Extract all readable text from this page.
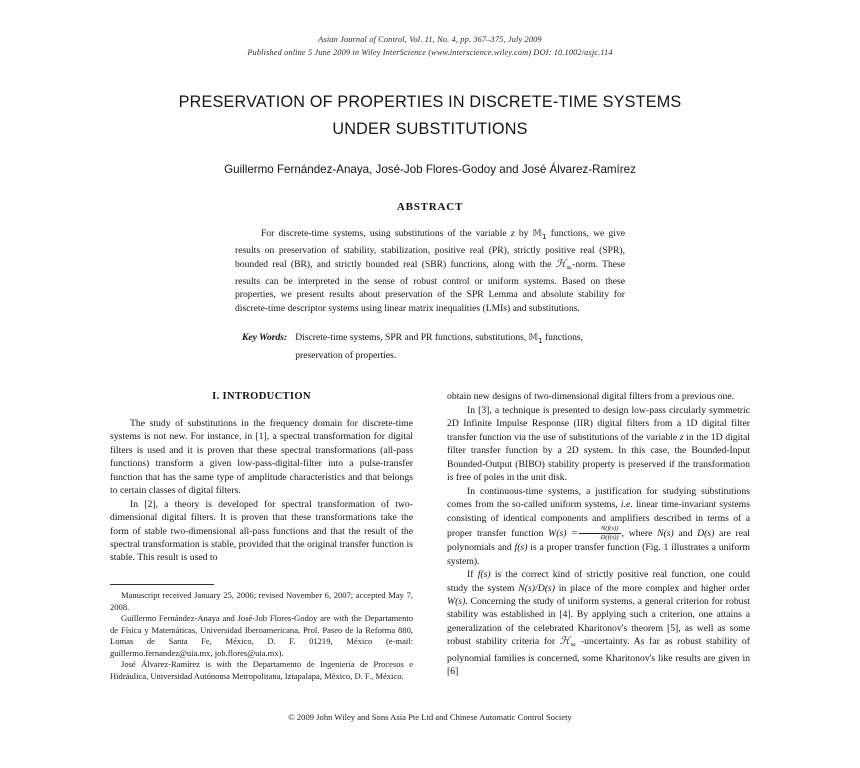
Asian Journal of Control, Vol. 11, No. 4, pp. 367–375, July 2009
Published online 5 June 2009 in Wiley InterScience (www.interscience.wiley.com) DOI: 10.1002/asjc.114
PRESERVATION OF PROPERTIES IN DISCRETE-TIME SYSTEMS
UNDER SUBSTITUTIONS
Guillermo Fernández-Anaya, José-Job Flores-Godoy and José Álvarez-Ramírez
ABSTRACT

For discrete-time systems, using substitutions of the variable z by 𝕄$_1$ functions, we give results on preservation of stability, stabilization, positive real (PR), strictly positive real (SPR), bounded real (BR), and strictly bounded real (SBR) functions, along with the ℋ$_\infty$-norm. These results can be interpreted in the sense of robust control or uniform systems. Based on these properties, we present results about preservation of the SPR Lemma and absolute stability for discrete-time descriptor systems using linear matrix inequalities (LMIs) and substitutions.

Key Words: Discrete-time systems, SPR and PR functions, substitutions, 𝕄$_1$ functions, preservation of properties.
I. INTRODUCTION

The study of substitutions in the frequency domain for discrete-time systems is not new. For instance, in [1], a spectral transformation for digital filters is used and it is proven that these spectral transformations (all-pass functions) transform a given low-pass-digital-filter into a pulse-transfer function that has the same type of amplitude characteristics and that belongs to certain classes of digital filters.

In [2], a theory is developed for spectral transformation of two-dimensional digital filters. It is proven that these transformations take the form of stable two-dimensional all-pass functions and that the result of the spectral transformation is stable, provided that the original transfer function is stable. This result is used to

Manuscript received January 25, 2006; revised November 6, 2007; accepted May 7, 2008.

Guillermo Fernández-Anaya and José-Job Flores-Godoy are with the Departamento de Física y Matemáticas, Universidad Iberoamericana, Prol. Paseo de la Reforma 880, Lomas de Santa Fe, México, D. F. 01219, México (e-mail: guillermo.fernandez@uia.mx, job.flores@uia.mx).

José Álvarez-Ramírez is with the Departamento de Ingeniería de Procesos e Hidráulica, Universidad Autónoma Metropolitana, Iztapalapa, México, D. F., México.

obtain new designs of two-dimensional digital filters from a previous one.

In [3], a technique is presented to design low-pass circularly symmetric 2D Infinite Impulse Response (IIR) digital filters from a 1D digital filter transfer function via the use of substitutions of the variable z in the 1D digital filter transfer function by a 2D system. In this case, the Bounded-Input Bounded-Output (BIBO) stability property is preserved if the transformation is free of poles in the unit disk.

In continuous-time systems, a justification for studying substitutions comes from the so-called uniform systems, i.e. linear time-invariant systems consisting of identical components and amplifiers described in terms of a proper transfer function $W(s) = \frac{N(f(s))}{D(f(s))}$ , where N(s) and D(s) are real polynomials and f(s) is a proper transfer function (Fig. 1 illustrates a uniform system).

If f(s) is the correct kind of strictly positive real function, one could study the system N(s)/D(s) in place of the more complex and higher order W(s). Concerning the study of uniform systems, a general criterion for robust stability was established in [4]. By applying such a criterion, one attains a generalization of the celebrated Kharitonov's theorem [5], as well as some robust stability criteria for ℋ$_\infty$ -uncertainty. As far as robust stability of polynomial families is concerned, some Kharitonov's like results are given in [6]

© 2009 John Wiley and Sons Asia Pte Ltd and Chinese Automatic Control Society
